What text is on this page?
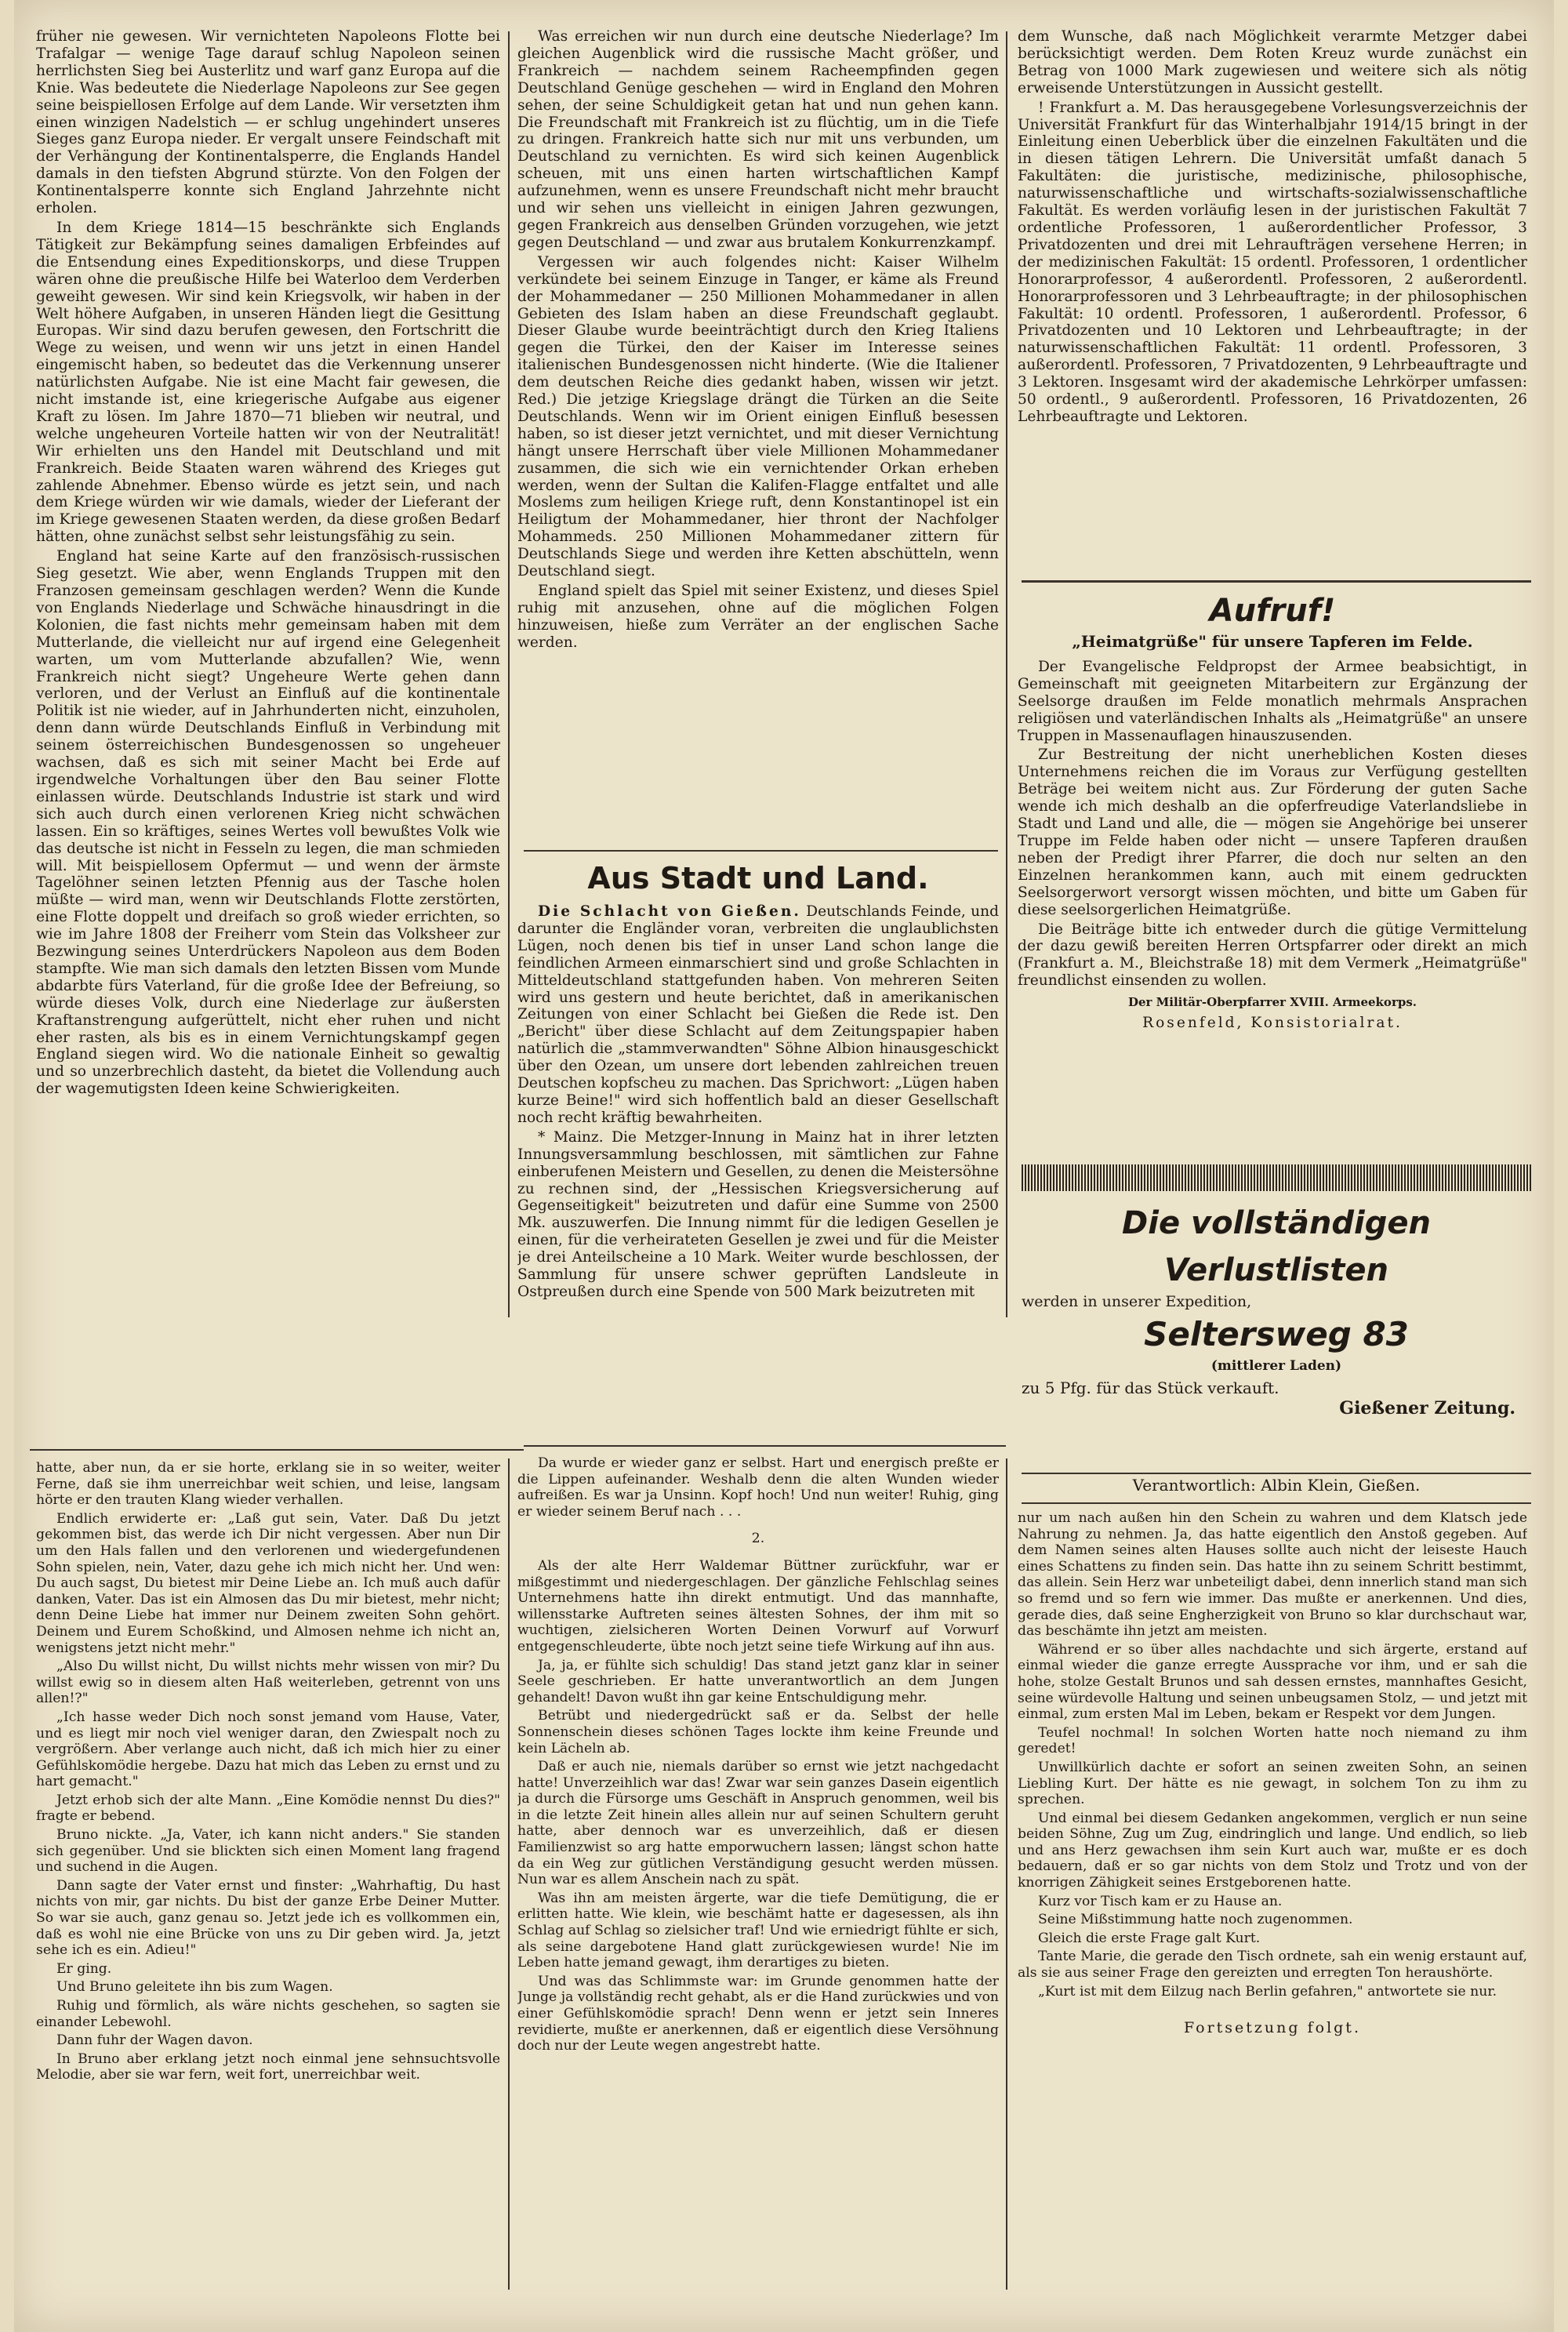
früher nie gewesen. Wir vernichteten Napoleons Flotte bei Trafalgar — wenige Tage darauf schlug Napoleon seinen herrlichsten Sieg bei Austerlitz und warf ganz Europa auf die Knie. Was bedeutete die Niederlage Napoleons zur See gegen seine beispiellosen Erfolge auf dem Lande. Wir versetzten ihm einen winzigen Nadelstich — er schlug ungehindert unseres Sieges ganz Europa nieder. Er vergalt unsere Feindschaft mit der Verhängung der Kontinentalsperre, die Englands Handel damals in den tiefsten Abgrund stürzte. Von den Folgen der Kontinentalsperre konnte sich England Jahrzehnte nicht erholen.

In dem Kriege 1814—15 beschränkte sich Englands Tätigkeit zur Bekämpfung seines damaligen Erbfeindes auf die Entsendung eines Expeditionskorps, und diese Truppen wären ohne die preußische Hilfe bei Waterloo dem Verderben geweiht gewesen. Wir sind kein Kriegsvolk, wir haben in der Welt höhere Aufgaben, in unseren Händen liegt die Gesittung Europas. Wir sind dazu berufen gewesen, den Fortschritt die Wege zu weisen, und wenn wir uns jetzt in einen Handel eingemischt haben, so bedeutet das die Verkennung unserer natürlichsten Aufgabe. Nie ist eine Macht fair gewesen, die nicht imstande ist, eine kriegerische Aufgabe aus eigener Kraft zu lösen. Im Jahre 1870—71 blieben wir neutral, und welche ungeheuren Vorteile hatten wir von der Neutralität! Wir erhielten uns den Handel mit Deutschland und mit Frankreich. Beide Staaten waren während des Krieges gut zahlende Abnehmer. Ebenso würde es jetzt sein, und nach dem Kriege würden wir wie damals, wieder der Lieferant der im Kriege gewesenen Staaten werden, da diese großen Bedarf hätten, ohne zunächst selbst sehr leistungsfähig zu sein.

England hat seine Karte auf den französisch-russischen Sieg gesetzt. Wie aber, wenn Englands Truppen mit den Franzosen gemeinsam geschlagen werden? Wenn die Kunde von Englands Niederlage und Schwäche hinausdringt in die Kolonien, die fast nichts mehr gemeinsam haben mit dem Mutterlande, die vielleicht nur auf irgend eine Gelegenheit warten, um vom Mutterlande abzufallen? Wie, wenn Frankreich nicht siegt? Ungeheure Werte gehen dann verloren, und der Verlust an Einfluß auf die kontinentale Politik ist nie wieder, auf in Jahrhunderten nicht, einzuholen, denn dann würde Deutschlands Einfluß in Verbindung mit seinem österreichischen Bundesgenossen so ungeheuer wachsen, daß es sich mit seiner Macht bei Erde auf irgendwelche Vorhaltungen über den Bau seiner Flotte einlassen würde. Deutschlands Industrie ist stark und wird sich auch durch einen verlorenen Krieg nicht schwächen lassen. Ein so kräftiges, seines Wertes voll bewußtes Volk wie das deutsche ist nicht in Fesseln zu legen, die man schmieden will. Mit beispiellosem Opfermut — und wenn der ärmste Tagelöhner seinen letzten Pfennig aus der Tasche holen müßte — wird man, wenn wir Deutschlands Flotte zerstörten, eine Flotte doppelt und dreifach so groß wieder errichten, so wie im Jahre 1808 der Freiherr vom Stein das Volksheer zur Bezwingung seines Unterdrückers Napoleon aus dem Boden stampfte. Wie man sich damals den letzten Bissen vom Munde abdarbte fürs Vaterland, für die große Idee der Befreiung, so würde dieses Volk, durch eine Niederlage zur äußersten Kraftanstrengung aufgerüttelt, nicht eher ruhen und nicht eher rasten, als bis es in einem Vernichtungskampf gegen England siegen wird. Wo die nationale Einheit so gewaltig und so unzerbrechlich dasteht, da bietet die Vollendung auch der wagemutigsten Ideen keine Schwierigkeiten.

Was erreichen wir nun durch eine deutsche Niederlage? Im gleichen Augenblick wird die russische Macht größer, und Frankreich — nachdem seinem Racheempfinden gegen Deutschland Genüge geschehen — wird in England den Mohren sehen, der seine Schuldigkeit getan hat und nun gehen kann. Die Freundschaft mit Frankreich ist zu flüchtig, um in die Tiefe zu dringen. Frankreich hatte sich nur mit uns verbunden, um Deutschland zu vernichten. Es wird sich keinen Augenblick scheuen, mit uns einen harten wirtschaftlichen Kampf aufzunehmen, wenn es unsere Freundschaft nicht mehr braucht und wir sehen uns vielleicht in einigen Jahren gezwungen, gegen Frankreich aus denselben Gründen vorzugehen, wie jetzt gegen Deutschland — und zwar aus brutalem Konkurrenzkampf.

Vergessen wir auch folgendes nicht: Kaiser Wilhelm verkündete bei seinem Einzuge in Tanger, er käme als Freund der Mohammedaner — 250 Millionen Mohammedaner in allen Gebieten des Islam haben an diese Freundschaft geglaubt. Dieser Glaube wurde beeinträchtigt durch den Krieg Italiens gegen die Türkei, den der Kaiser im Interesse seines italienischen Bundesgenossen nicht hinderte. (Wie die Italiener dem deutschen Reiche dies gedankt haben, wissen wir jetzt. Red.) Die jetzige Kriegslage drängt die Türken an die Seite Deutschlands. Wenn wir im Orient einigen Einfluß besessen haben, so ist dieser jetzt vernichtet, und mit dieser Vernichtung hängt unsere Herrschaft über viele Millionen Mohammedaner zusammen, die sich wie ein vernichtender Orkan erheben werden, wenn der Sultan die Kalifen-Flagge entfaltet und alle Moslems zum heiligen Kriege ruft, denn Konstantinopel ist ein Heiligtum der Mohammedaner, hier thront der Nachfolger Mohammeds. 250 Millionen Mohammedaner zittern für Deutschlands Siege und werden ihre Ketten abschütteln, wenn Deutschland siegt.

England spielt das Spiel mit seiner Existenz, und dieses Spiel ruhig mit anzusehen, ohne auf die möglichen Folgen hinzuweisen, hieße zum Verräter an der englischen Sache werden.

Aus Stadt und Land.

Die Schlacht von Gießen. Deutschlands Feinde, und darunter die Engländer voran, verbreiten die unglaublichsten Lügen, noch denen bis tief in unser Land schon lange die feindlichen Armeen einmarschiert sind und große Schlachten in Mitteldeutschland stattgefunden haben. Von mehreren Seiten wird uns gestern und heute berichtet, daß in amerikanischen Zeitungen von einer Schlacht bei Gießen die Rede ist. Den „Bericht" über diese Schlacht auf dem Zeitungspapier haben natürlich die „stammverwandten" Söhne Albion hinausgeschickt über den Ozean, um unsere dort lebenden zahlreichen treuen Deutschen kopfscheu zu machen. Das Sprichwort: „Lügen haben kurze Beine!" wird sich hoffentlich bald an dieser Gesellschaft noch recht kräftig bewahrheiten.

* Mainz. Die Metzger-Innung in Mainz hat in ihrer letzten Innungsversammlung beschlossen, mit sämtlichen zur Fahne einberufenen Meistern und Gesellen, zu denen die Meistersöhne zu rechnen sind, der „Hessischen Kriegsversicherung auf Gegenseitigkeit" beizutreten und dafür eine Summe von 2500 Mk. auszuwerfen. Die Innung nimmt für die ledigen Gesellen je einen, für die verheirateten Gesellen je zwei und für die Meister je drei Anteilscheine a 10 Mark. Weiter wurde beschlossen, der Sammlung für unsere schwer geprüften Landsleute in Ostpreußen durch eine Spende von 500 Mark beizutreten mit

dem Wunsche, daß nach Möglichkeit verarmte Metzger dabei berücksichtigt werden. Dem Roten Kreuz wurde zunächst ein Betrag von 1000 Mark zugewiesen und weitere sich als nötig erweisende Unterstützungen in Aussicht gestellt.

! Frankfurt a. M. Das herausgegebene Vorlesungsverzeichnis der Universität Frankfurt für das Winterhalbjahr 1914/15 bringt in der Einleitung einen Ueberblick über die einzelnen Fakultäten und die in diesen tätigen Lehrern. Die Universität umfaßt danach 5 Fakultäten: die juristische, medizinische, philosophische, naturwissenschaftliche und wirtschafts-sozialwissenschaftliche Fakultät. Es werden vorläufig lesen in der juristischen Fakultät 7 ordentliche Professoren, 1 außerordentlicher Professor, 3 Privatdozenten und drei mit Lehraufträgen versehene Herren; in der medizinischen Fakultät: 15 ordentl. Professoren, 1 ordentlicher Honorarprofessor, 4 außerordentl. Professoren, 2 außerordentl. Honorarprofessoren und 3 Lehrbeauftragte; in der philosophischen Fakultät: 10 ordentl. Professoren, 1 außerordentl. Professor, 6 Privatdozenten und 10 Lektoren und Lehrbeauftragte; in der naturwissenschaftlichen Fakultät: 11 ordentl. Professoren, 3 außerordentl. Professoren, 7 Privatdozenten, 9 Lehrbeauftragte und 3 Lektoren. Insgesamt wird der akademische Lehrkörper umfassen: 50 ordentl., 9 außerordentl. Professoren, 16 Privatdozenten, 26 Lehrbeauftragte und Lektoren.

Aufruf!
„Heimatgrüße" für unsere Tapferen im Felde.

Der Evangelische Feldpropst der Armee beabsichtigt, in Gemeinschaft mit geeigneten Mitarbeitern zur Ergänzung der Seelsorge draußen im Felde monatlich mehrmals Ansprachen religiösen und vaterländischen Inhalts als „Heimatgrüße" an unsere Truppen in Massenauflagen hinauszusenden.

Zur Bestreitung der nicht unerheblichen Kosten dieses Unternehmens reichen die im Voraus zur Verfügung gestellten Beträge bei weitem nicht aus. Zur Förderung der guten Sache wende ich mich deshalb an die opferfreudige Vaterlandsliebe in Stadt und Land und alle, die — mögen sie Angehörige bei unserer Truppe im Felde haben oder nicht — unsere Tapferen draußen neben der Predigt ihrer Pfarrer, die doch nur selten an den Einzelnen herankommen kann, auch mit einem gedruckten Seelsorgerwort versorgt wissen möchten, und bitte um Gaben für diese seelsorgerlichen Heimatgrüße.

Die Beiträge bitte ich entweder durch die gütige Vermittelung der dazu gewiß bereiten Herren Ortspfarrer oder direkt an mich (Frankfurt a. M., Bleichstraße 18) mit dem Vermerk „Heimatgrüße" freundlichst einsenden zu wollen.

Der Militär-Oberpfarrer XVIII. Armeekorps.
Rosenfeld, Konsistorialrat.
Die vollständigen Verlustlisten
werden in unserer Expedition,
Seltersweg 83
(mittlerer Laden)
zu 5 Pfg. für das Stück verkauft.
Gießener Zeitung.
Verantwortlich: Albin Klein, Gießen.

hatte, aber nun, da er sie horte, erklang sie in so weiter, weiter Ferne, daß sie ihm unerreichbar weit schien, und leise, langsam hörte er den trauten Klang wieder verhallen.

Endlich erwiderte er: „Laß gut sein, Vater. Daß Du jetzt gekommen bist, das werde ich Dir nicht vergessen. Aber nun Dir um den Hals fallen und den verlorenen und wiedergefundenen Sohn spielen, nein, Vater, dazu gehe ich mich nicht her. Und wen: Du auch sagst, Du bietest mir Deine Liebe an. Ich muß auch dafür danken, Vater. Das ist ein Almosen das Du mir bietest, mehr nicht; denn Deine Liebe hat immer nur Deinem zweiten Sohn gehört. Deinem und Eurem Schoßkind, und Almosen nehme ich nicht an, wenigstens jetzt nicht mehr."

„Also Du willst nicht, Du willst nichts mehr wissen von mir? Du willst ewig so in diesem alten Haß weiterleben, getrennt von uns allen!?"

„Ich hasse weder Dich noch sonst jemand vom Hause, Vater, und es liegt mir noch viel weniger daran, den Zwiespalt noch zu vergrößern. Aber verlange auch nicht, daß ich mich hier zu einer Gefühlskomödie hergebe. Dazu hat mich das Leben zu ernst und zu hart gemacht."

Jetzt erhob sich der alte Mann. „Eine Komödie nennst Du dies?" fragte er bebend.

Bruno nickte. „Ja, Vater, ich kann nicht anders." Sie standen sich gegenüber. Und sie blickten sich einen Moment lang fragend und suchend in die Augen.

Dann sagte der Vater ernst und finster: „Wahrhaftig, Du hast nichts von mir, gar nichts. Du bist der ganze Erbe Deiner Mutter. So war sie auch, ganz genau so. Jetzt jede ich es vollkommen ein, daß es wohl nie eine Brücke von uns zu Dir geben wird. Ja, jetzt sehe ich es ein. Adieu!"

Er ging.

Und Bruno geleitete ihn bis zum Wagen.

Ruhig und förmlich, als wäre nichts geschehen, so sagten sie einander Lebewohl.

Dann fuhr der Wagen davon.

In Bruno aber erklang jetzt noch einmal jene sehnsuchtsvolle Melodie, aber sie war fern, weit fort, unerreichbar weit.

Da wurde er wieder ganz er selbst. Hart und energisch preßte er die Lippen aufeinander. Weshalb denn die alten Wunden wieder aufreißen. Es war ja Unsinn. Kopf hoch! Und nun weiter! Ruhig, ging er wieder seinem Beruf nach . . .

2.

Als der alte Herr Waldemar Büttner zurückfuhr, war er mißgestimmt und niedergeschlagen. Der gänzliche Fehlschlag seines Unternehmens hatte ihn direkt entmutigt. Und das mannhafte, willensstarke Auftreten seines ältesten Sohnes, der ihm mit so wuchtigen, zielsicheren Worten Deinen Vorwurf auf Vorwurf entgegenschleuderte, übte noch jetzt seine tiefe Wirkung auf ihn aus.

Ja, ja, er fühlte sich schuldig! Das stand jetzt ganz klar in seiner Seele geschrieben. Er hatte unverantwortlich an dem Jungen gehandelt! Davon wußt ihn gar keine Entschuldigung mehr.

Betrübt und niedergedrückt saß er da. Selbst der helle Sonnenschein dieses schönen Tages lockte ihm keine Freunde und kein Lächeln ab.

Daß er auch nie, niemals darüber so ernst wie jetzt nachgedacht hatte! Unverzeihlich war das! Zwar war sein ganzes Dasein eigentlich ja durch die Fürsorge ums Geschäft in Anspruch genommen, weil bis in die letzte Zeit hinein alles allein nur auf seinen Schultern geruht hatte, aber dennoch war es unverzeihlich, daß er diesen Familienzwist so arg hatte emporwuchern lassen; längst schon hatte da ein Weg zur gütlichen Verständigung gesucht werden müssen. Nun war es allem Anschein nach zu spät.

Was ihn am meisten ärgerte, war die tiefe Demütigung, die er erlitten hatte. Wie klein, wie beschämt hatte er dagesessen, als ihn Schlag auf Schlag so zielsicher traf! Und wie erniedrigt fühlte er sich, als seine dargebotene Hand glatt zurückgewiesen wurde! Nie im Leben hatte jemand gewagt, ihm derartiges zu bieten.

Und was das Schlimmste war: im Grunde genommen hatte der Junge ja vollständig recht gehabt, als er die Hand zurückwies und von einer Gefühlskomödie sprach! Denn wenn er jetzt sein Inneres revidierte, mußte er anerkennen, daß er eigentlich diese Versöhnung doch nur der Leute wegen angestrebt hatte.

nur um nach außen hin den Schein zu wahren und dem Klatsch jede Nahrung zu nehmen. Ja, das hatte eigentlich den Anstoß gegeben. Auf dem Namen seines alten Hauses sollte auch nicht der leiseste Hauch eines Schattens zu finden sein. Das hatte ihn zu seinem Schritt bestimmt, das allein. Sein Herz war unbeteiligt dabei, denn innerlich stand man sich so fremd und so fern wie immer. Das mußte er anerkennen. Und dies, gerade dies, daß seine Engherzigkeit von Bruno so klar durchschaut war, das beschämte ihn jetzt am meisten.

Während er so über alles nachdachte und sich ärgerte, erstand auf einmal wieder die ganze erregte Aussprache vor ihm, und er sah die hohe, stolze Gestalt Brunos und sah dessen ernstes, mannhaftes Gesicht, seine würdevolle Haltung und seinen unbeugsamen Stolz, — und jetzt mit einmal, zum ersten Mal im Leben, bekam er Respekt vor dem Jungen.

Teufel nochmal! In solchen Worten hatte noch niemand zu ihm geredet!

Unwillkürlich dachte er sofort an seinen zweiten Sohn, an seinen Liebling Kurt. Der hätte es nie gewagt, in solchem Ton zu ihm zu sprechen.

Und einmal bei diesem Gedanken angekommen, verglich er nun seine beiden Söhne, Zug um Zug, eindringlich und lange. Und endlich, so lieb und ans Herz gewachsen ihm sein Kurt auch war, mußte er es doch bedauern, daß er so gar nichts von dem Stolz und Trotz und von der knorrigen Zähigkeit seines Erstgeborenen hatte.

Kurz vor Tisch kam er zu Hause an.

Seine Mißstimmung hatte noch zugenommen.

Gleich die erste Frage galt Kurt.

Tante Marie, die gerade den Tisch ordnete, sah ein wenig erstaunt auf, als sie aus seiner Frage den gereizten und erregten Ton heraushörte.

„Kurt ist mit dem Eilzug nach Berlin gefahren," antwortete sie nur.

Fortsetzung folgt.
